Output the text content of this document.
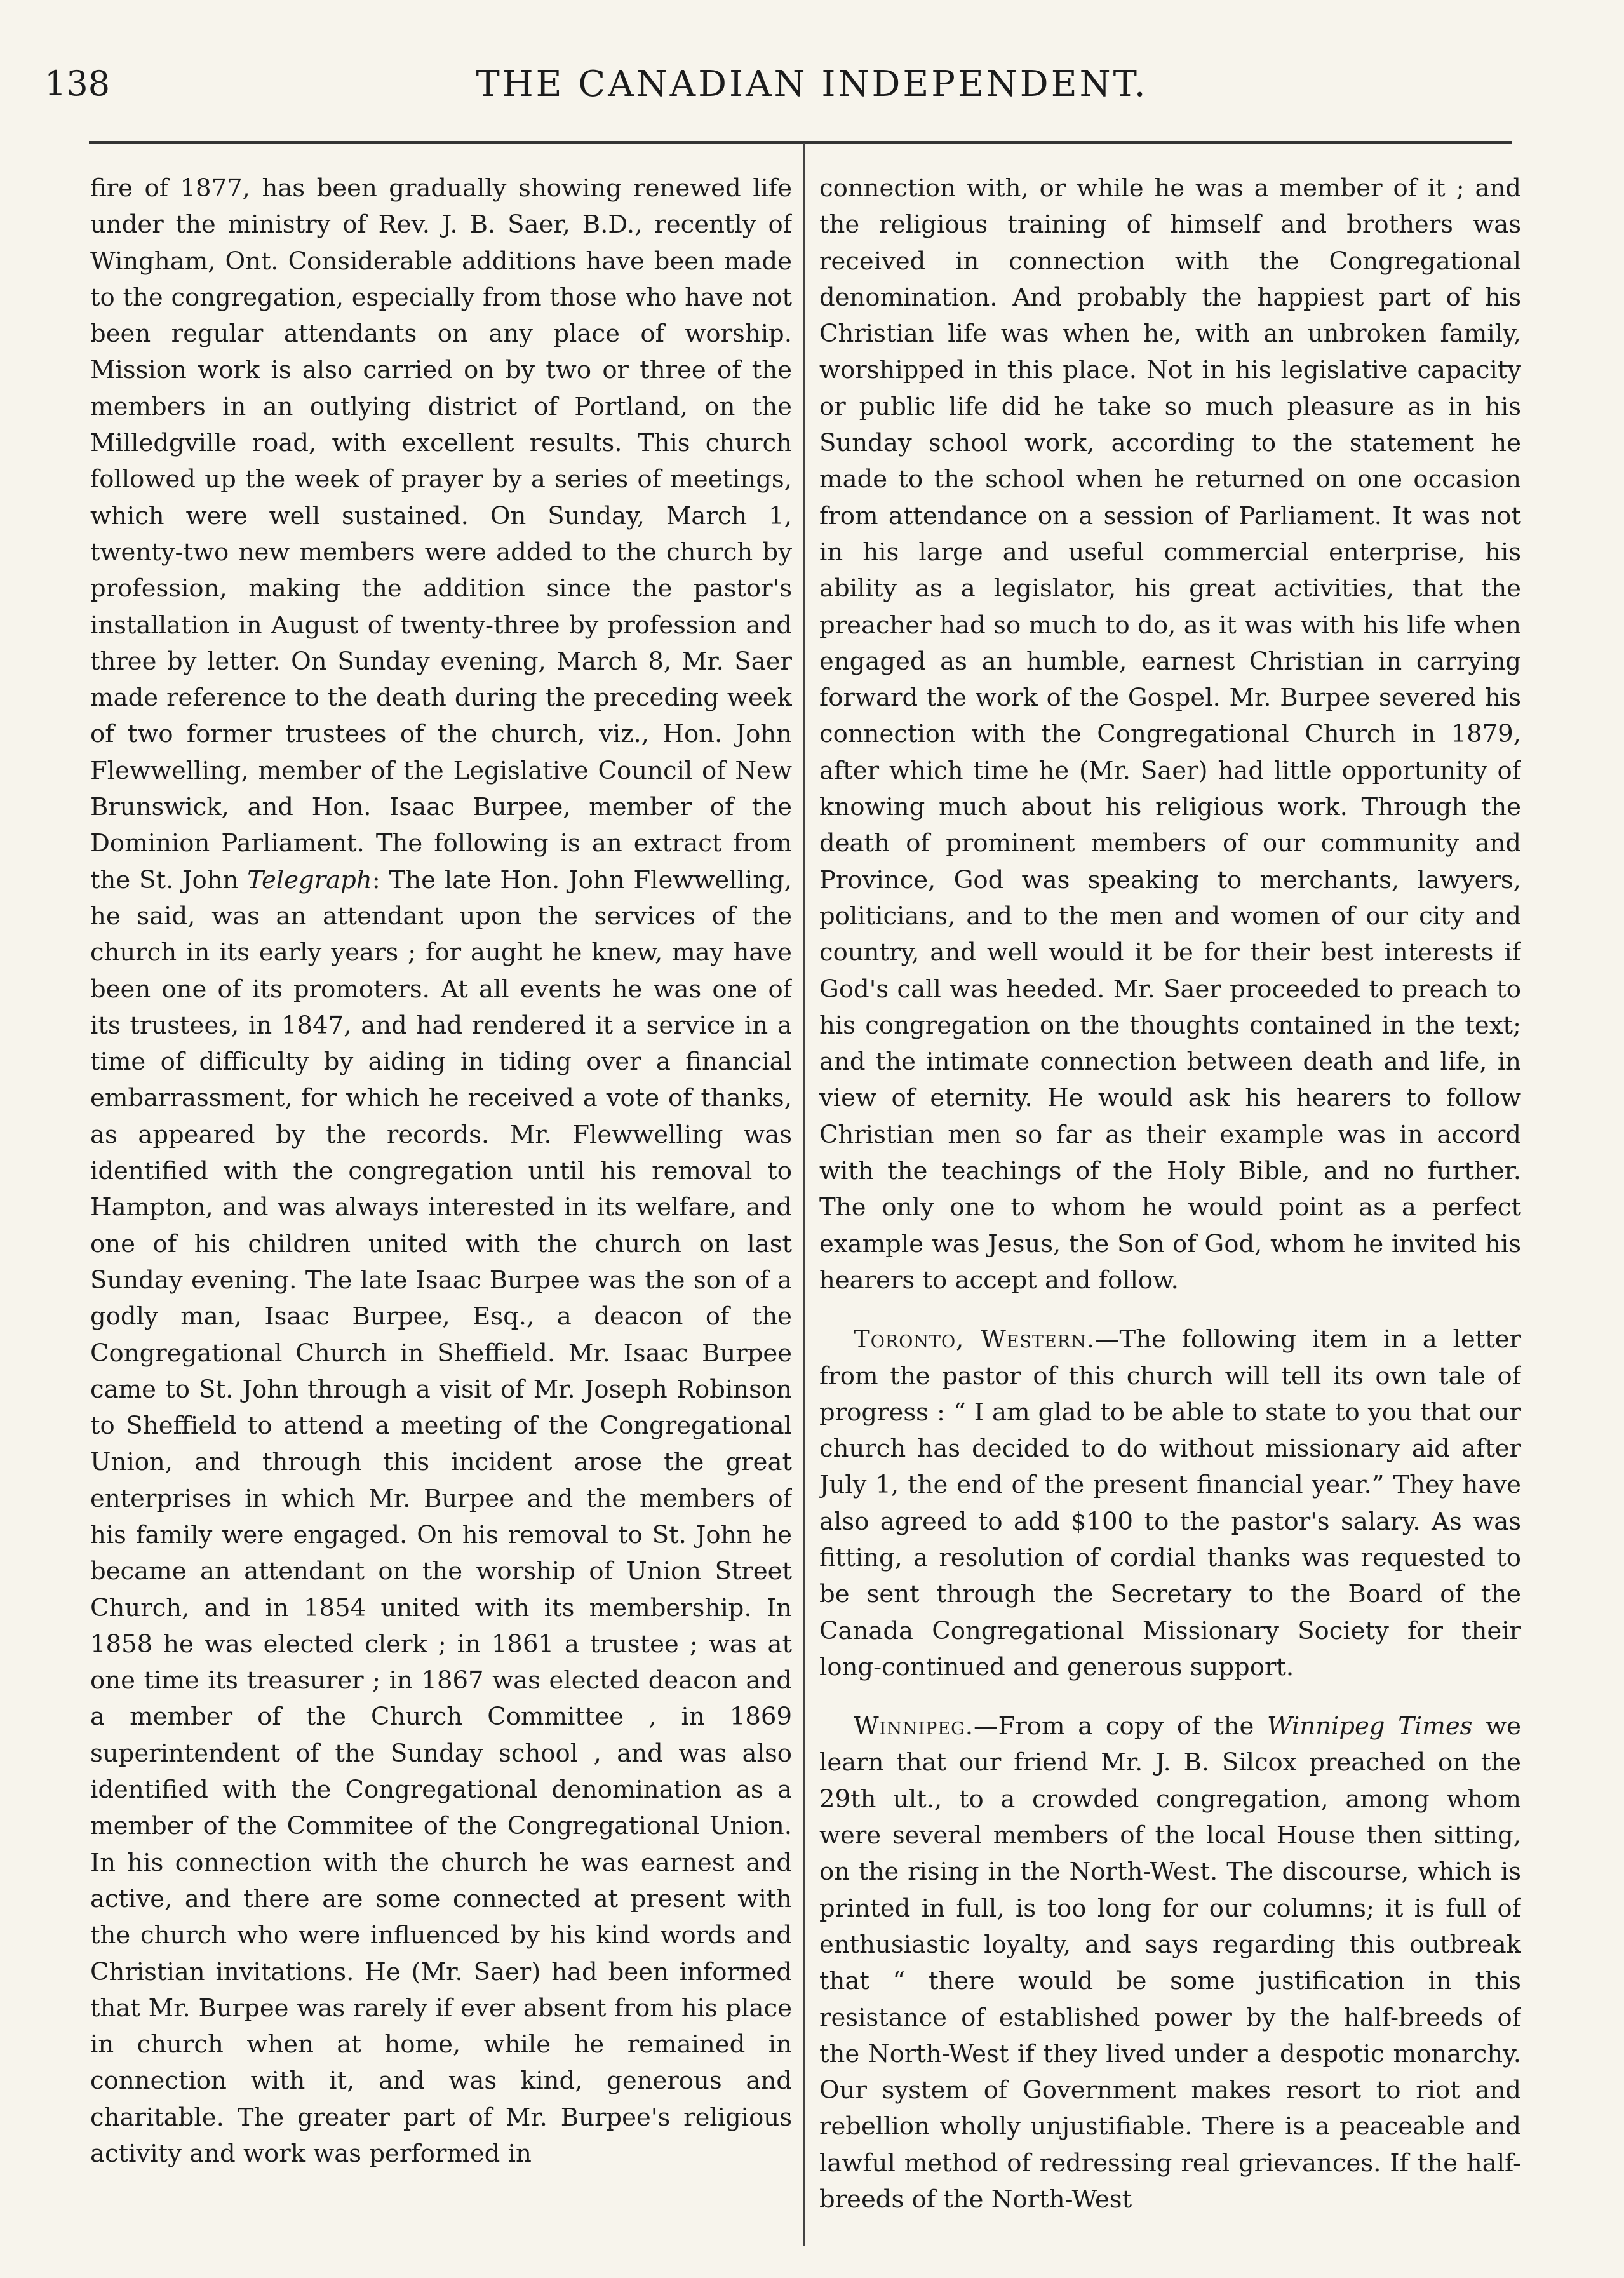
138	THE CANADIAN INDEPENDENT.

fire of 1877, has been gradually showing renewed life under the ministry of Rev. J. B. Saer, B.D., recently of Wingham, Ont. Considerable additions have been made to the congregation, especially from those who have not been regular attendants on any place of worship. Mission work is also carried on by two or three of the members in an outlying district of Portland, on the Milledgville road, with excellent results. This church followed up the week of prayer by a series of meetings, which were well sustained. On Sunday, March 1, twenty-two new members were added to the church by profession, making the addition since the pastor's installation in August of twenty-three by profession and three by letter. On Sunday evening, March 8, Mr. Saer made reference to the death during the preceding week of two former trustees of the church, viz., Hon. John Flewwelling, member of the Legislative Council of New Brunswick, and Hon. Isaac Burpee, member of the Dominion Parliament. The following is an extract from the St. John Telegraph: The late Hon. John Flewwelling, he said, was an attendant upon the services of the church in its early years ; for aught he knew, may have been one of its promoters. At all events he was one of its trustees, in 1847, and had rendered it a service in a time of difficulty by aiding in tiding over a financial embarrassment, for which he received a vote of thanks, as appeared by the records. Mr. Flewwelling was identified with the congregation until his removal to Hampton, and was always interested in its welfare, and one of his children united with the church on last Sunday evening. The late Isaac Burpee was the son of a godly man, Isaac Burpee, Esq., a deacon of the Congregational Church in Sheffield. Mr. Isaac Burpee came to St. John through a visit of Mr. Joseph Robinson to Sheffield to attend a meeting of the Congregational Union, and through this incident arose the great enterprises in which Mr. Burpee and the members of his family were engaged. On his removal to St. John he became an attendant on the worship of Union Street Church, and in 1854 united with its membership. In 1858 he was elected clerk ; in 1861 a trustee ; was at one time its treasurer ; in 1867 was elected deacon and a member of the Church Committee , in 1869 superintendent of the Sunday school , and was also identified with the Congregational denomination as a member of the Commitee of the Congregational Union. In his connection with the church he was earnest and active, and there are some connected at present with the church who were influenced by his kind words and Christian invitations. He (Mr. Saer) had been informed that Mr. Burpee was rarely if ever absent from his place in church when at home, while he remained in connection with it, and was kind, generous and charitable. The greater part of Mr. Burpee's religious activity and work was performed in

connection with, or while he was a member of it ; and the religious training of himself and brothers was received in connection with the Congregational denomination. And probably the happiest part of his Christian life was when he, with an unbroken family, worshipped in this place. Not in his legislative capacity or public life did he take so much pleasure as in his Sunday school work, according to the statement he made to the school when he returned on one occasion from attendance on a session of Parliament. It was not in his large and useful commercial enterprise, his ability as a legislator, his great activities, that the preacher had so much to do, as it was with his life when engaged as an humble, earnest Christian in carrying forward the work of the Gospel. Mr. Burpee severed his connection with the Congregational Church in 1879, after which time he (Mr. Saer) had little opportunity of knowing much about his religious work. Through the death of prominent members of our community and Province, God was speaking to merchants, lawyers, politicians, and to the men and women of our city and country, and well would it be for their best interests if God's call was heeded. Mr. Saer proceeded to preach to his congregation on the thoughts contained in the text; and the intimate connection between death and life, in view of eternity. He would ask his hearers to follow Christian men so far as their example was in accord with the teachings of the Holy Bible, and no further. The only one to whom he would point as a perfect example was Jesus, the Son of God, whom he invited his hearers to accept and follow.

Toronto, Western.—The following item in a letter from the pastor of this church will tell its own tale of progress : “ I am glad to be able to state to you that our church has decided to do without missionary aid after July 1, the end of the present financial year.” They have also agreed to add $100 to the pastor's salary. As was fitting, a resolution of cordial thanks was requested to be sent through the Secretary to the Board of the Canada Congregational Missionary Society for their long-continued and generous support.

Winnipeg.—From a copy of the Winnipeg Times we learn that our friend Mr. J. B. Silcox preached on the 29th ult., to a crowded congregation, among whom were several members of the local House then sitting, on the rising in the North-West. The discourse, which is printed in full, is too long for our columns; it is full of enthusiastic loyalty, and says regarding this outbreak that “ there would be some justification in this resistance of established power by the half-breeds of the North-West if they lived under a despotic monarchy. Our system of Government makes resort to riot and rebellion wholly unjustifiable. There is a peaceable and lawful method of redressing real grievances. If the half-breeds of the North-West
